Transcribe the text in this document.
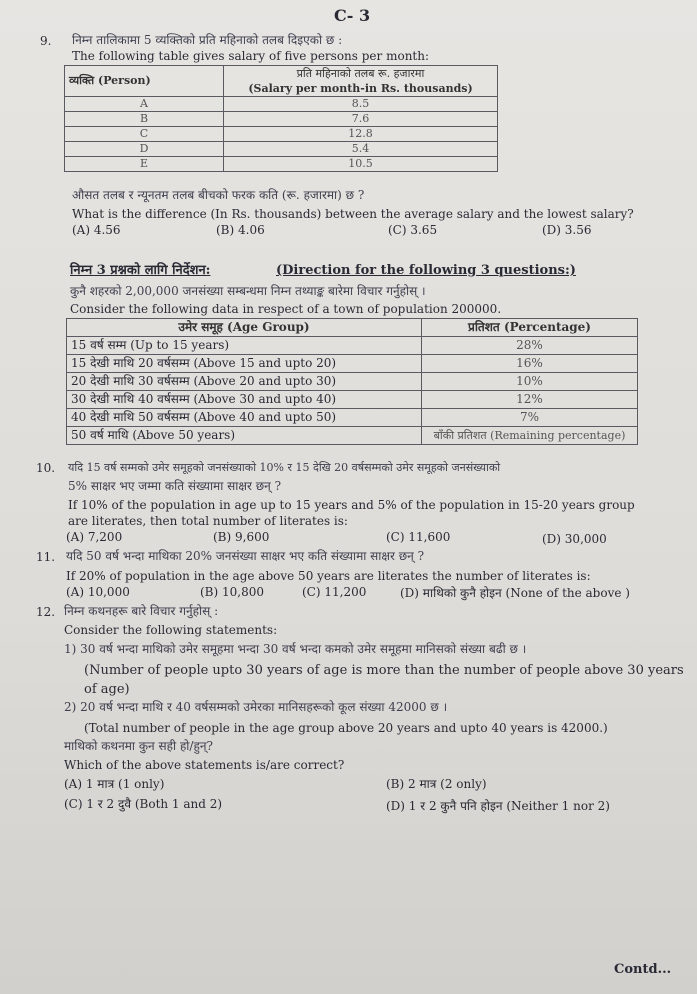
C- 3
9. निम्न तालिकामा 5 व्यक्तिको प्रति महिनाको तलब दिइएको छ :
The following table gives salary of five persons per month:
व्यक्ति (Person)	प्रति महिनाको तलब रू. हजारमा
(Salary per month-in Rs. thousands)

A	8.5
B	7.6
C	12.8
D	5.4
E	10.5
औसत तलब र न्यूनतम तलब बीचको फरक कति (रू. हजारमा) छ ?
What is the difference (In Rs. thousands) between the average salary and the lowest salary?
(A) 4.56	(B) 4.06	(C) 3.65	(D) 3.56
निम्न 3 प्रश्नको लागि निर्देशन:	(Direction for the following 3 questions:)
कुनै शहरको 2,00,000 जनसंख्या सम्बन्धमा निम्न तथ्याङ्क बारेमा विचार गर्नुहोस् ।
Consider the following data in respect of a town of population 200000.
उमेर समूह (Age Group)	प्रतिशत (Percentage)
15 वर्ष सम्म (Up to 15 years)	28%
15 देखी माथि 20 वर्षसम्म (Above 15 and upto 20)	16%
20 देखी माथि 30 वर्षसम्म (Above 20 and upto 30)	10%
30 देखी माथि 40 वर्षसम्म (Above 30 and upto 40)	12%
40 देखी माथि 50 वर्षसम्म (Above 40 and upto 50)	7%
50 वर्ष माथि (Above 50 years)	बाँकी प्रतिशत (Remaining percentage)
10. यदि 15 वर्ष सम्मको उमेर समूहको जनसंख्याको 10% र 15 देखि 20 वर्षसम्मको उमेर समूहको जनसंख्याको
5% साक्षर भए जम्मा कति संख्यामा साक्षर छन् ?
If 10% of the population in age up to 15 years and 5% of the population in 15-20 years group
are literates, then total number of literates is:
(A) 7,200	(B) 9,600	(C) 11,600	(D) 30,000
11. यदि 50 वर्ष भन्दा माथिका 20% जनसंख्या साक्षर भए कति संख्यामा साक्षर छन् ?
If 20% of population in the age above 50 years are literates the number of literates is:
(A) 10,000	(B) 10,800	(C) 11,200	(D) माथिको कुनै होइन (None of the above )
12. निम्न कथनहरू बारे विचार गर्नुहोस् :
Consider the following statements:
1) 30 वर्ष भन्दा माथिको उमेर समूहमा भन्दा 30 वर्ष भन्दा कमको उमेर समूहमा मानिसको संख्या बढी छ ।
(Number of people upto 30 years of age is more than the number of people above 30 years
of age)
2) 20 वर्ष भन्दा माथि र 40 वर्षसम्मको उमेरका मानिसहरूको कूल संख्या 42000 छ ।
(Total number of people in the age group above 20 years and upto 40 years is 42000.)
माथिको कथनमा कुन सही हो/हुन्?
Which of the above statements is/are correct?
(A) 1 मात्र (1 only)	(B) 2 मात्र (2 only)
(C) 1 र 2 दुवै (Both 1 and 2)	(D) 1 र 2 कुनै पनि होइन (Neither 1 nor 2)
Contd...
